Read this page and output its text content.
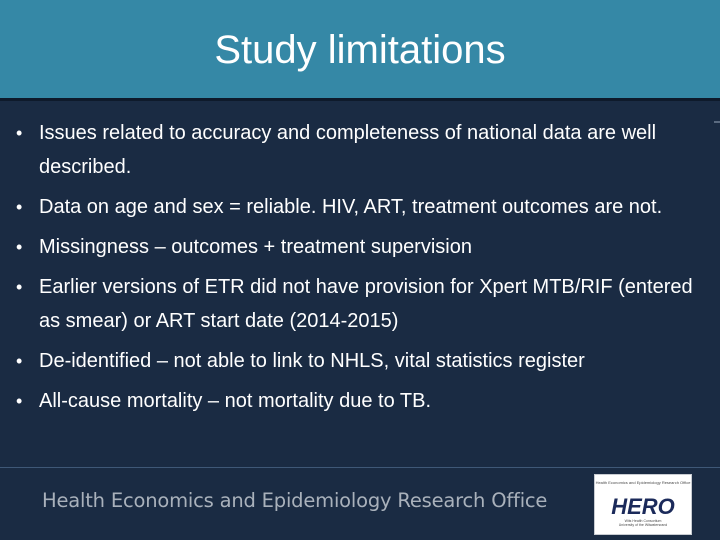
Study limitations
• Issues related to accuracy and completeness of national data are well described.
• Data on age and sex = reliable. HIV, ART, treatment outcomes are not.
• Missingness – outcomes + treatment supervision
• Earlier versions of ETR did not have provision for Xpert MTB/RIF (entered as smear) or ART start date (2014-2015)
• De-identified – not able to link to NHLS, vital statistics register
• All-cause mortality – not mortality due to TB.
Health Economics and Epidemiology Research Office
Health Economics and Epidemiology Research Office
HERO
Wits Health Consortium
University of the Witwatersrand
